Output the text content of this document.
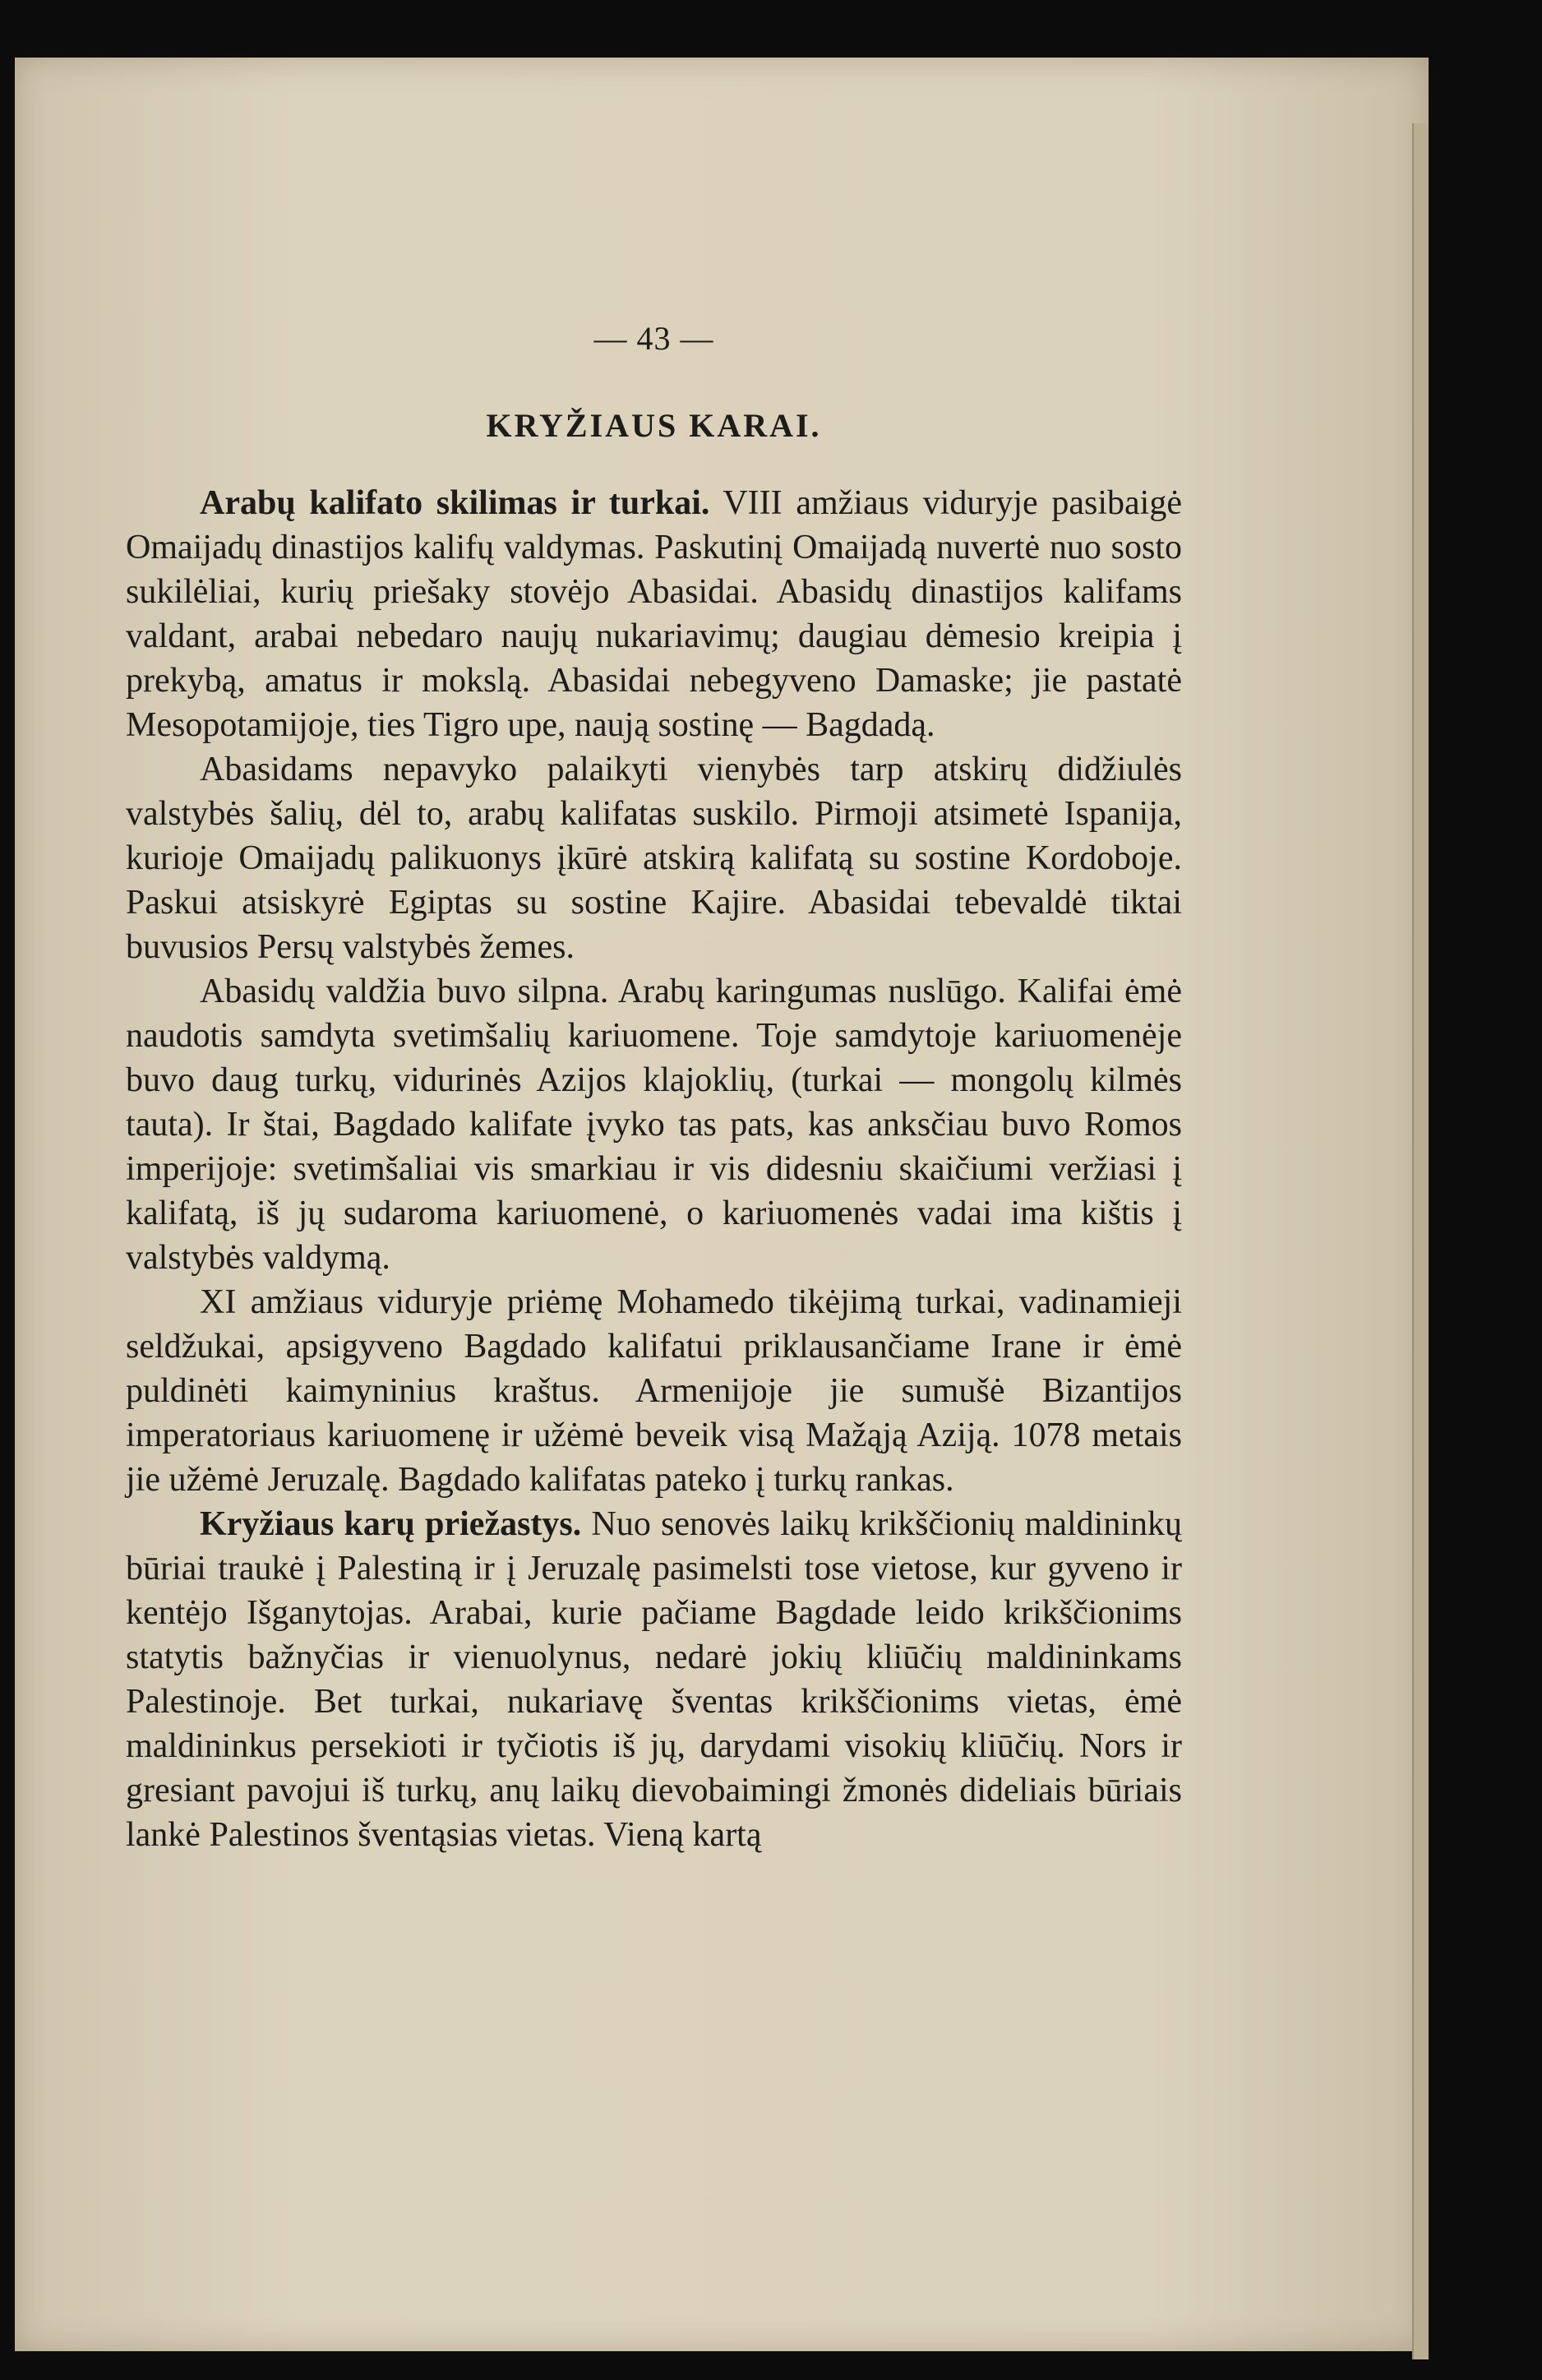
— 43 —
KRYŽIAUS KARAI.

Arabų kalifato skilimas ir turkai. VIII amžiaus viduryje pasibaigė Omaijadų dinastijos kalifų valdymas. Paskutinį Omaijadą nuvertė nuo sosto sukilėliai, kurių priešaky stovėjo Abasidai. Abasidų dinastijos kalifams valdant, arabai nebedaro naujų nukariavimų; daugiau dėmesio kreipia į prekybą, amatus ir mokslą. Abasidai nebegyveno Damaske; jie pastatė Mesopotamijoje, ties Tigro upe, naują sostinę — Bagdadą.

Abasidams nepavyko palaikyti vienybės tarp atskirų didžiulės valstybės šalių, dėl to, arabų kalifatas suskilo. Pirmoji atsimetė Ispanija, kurioje Omaijadų palikuonys įkūrė atskirą kalifatą su sostine Kordoboje. Paskui atsiskyrė Egiptas su sostine Kajire. Abasidai tebevaldė tiktai buvusios Persų valstybės žemes.

Abasidų valdžia buvo silpna. Arabų karingumas nuslūgo. Kalifai ėmė naudotis samdyta svetimšalių kariuomene. Toje samdytoje kariuomenėje buvo daug turkų, vidurinės Azijos klajoklių, (turkai — mongolų kilmės tauta). Ir štai, Bagdado kalifate įvyko tas pats, kas anksčiau buvo Romos imperijoje: svetimšaliai vis smarkiau ir vis didesniu skaičiumi veržiasi į kalifatą, iš jų sudaroma kariuomenė, o kariuomenės vadai ima kištis į valstybės valdymą.

XI amžiaus viduryje priėmę Mohamedo tikėjimą turkai, vadinamieji seldžukai, apsigyveno Bagdado kalifatui priklausančiame Irane ir ėmė puldinėti kaimyninius kraštus. Armenijoje jie sumušė Bizantijos imperatoriaus kariuomenę ir užėmė beveik visą Mažąją Aziją. 1078 metais jie užėmė Jeruzalę. Bagdado kalifatas pateko į turkų rankas.

Kryžiaus karų priežastys. Nuo senovės laikų krikščionių maldininkų būriai traukė į Palestiną ir į Jeruzalę pasimelsti tose vietose, kur gyveno ir kentėjo Išganytojas. Arabai, kurie pačiame Bagdade leido krikščionims statytis bažnyčias ir vienuolynus, nedarė jokių kliūčių maldininkams Palestinoje. Bet turkai, nukariavę šventas krikščionims vietas, ėmė maldininkus persekioti ir tyčiotis iš jų, darydami visokių kliūčių. Nors ir gresiant pavojui iš turkų, anų laikų dievobaimingi žmonės dideliais būriais lankė Palestinos šventąsias vietas. Vieną kartą
